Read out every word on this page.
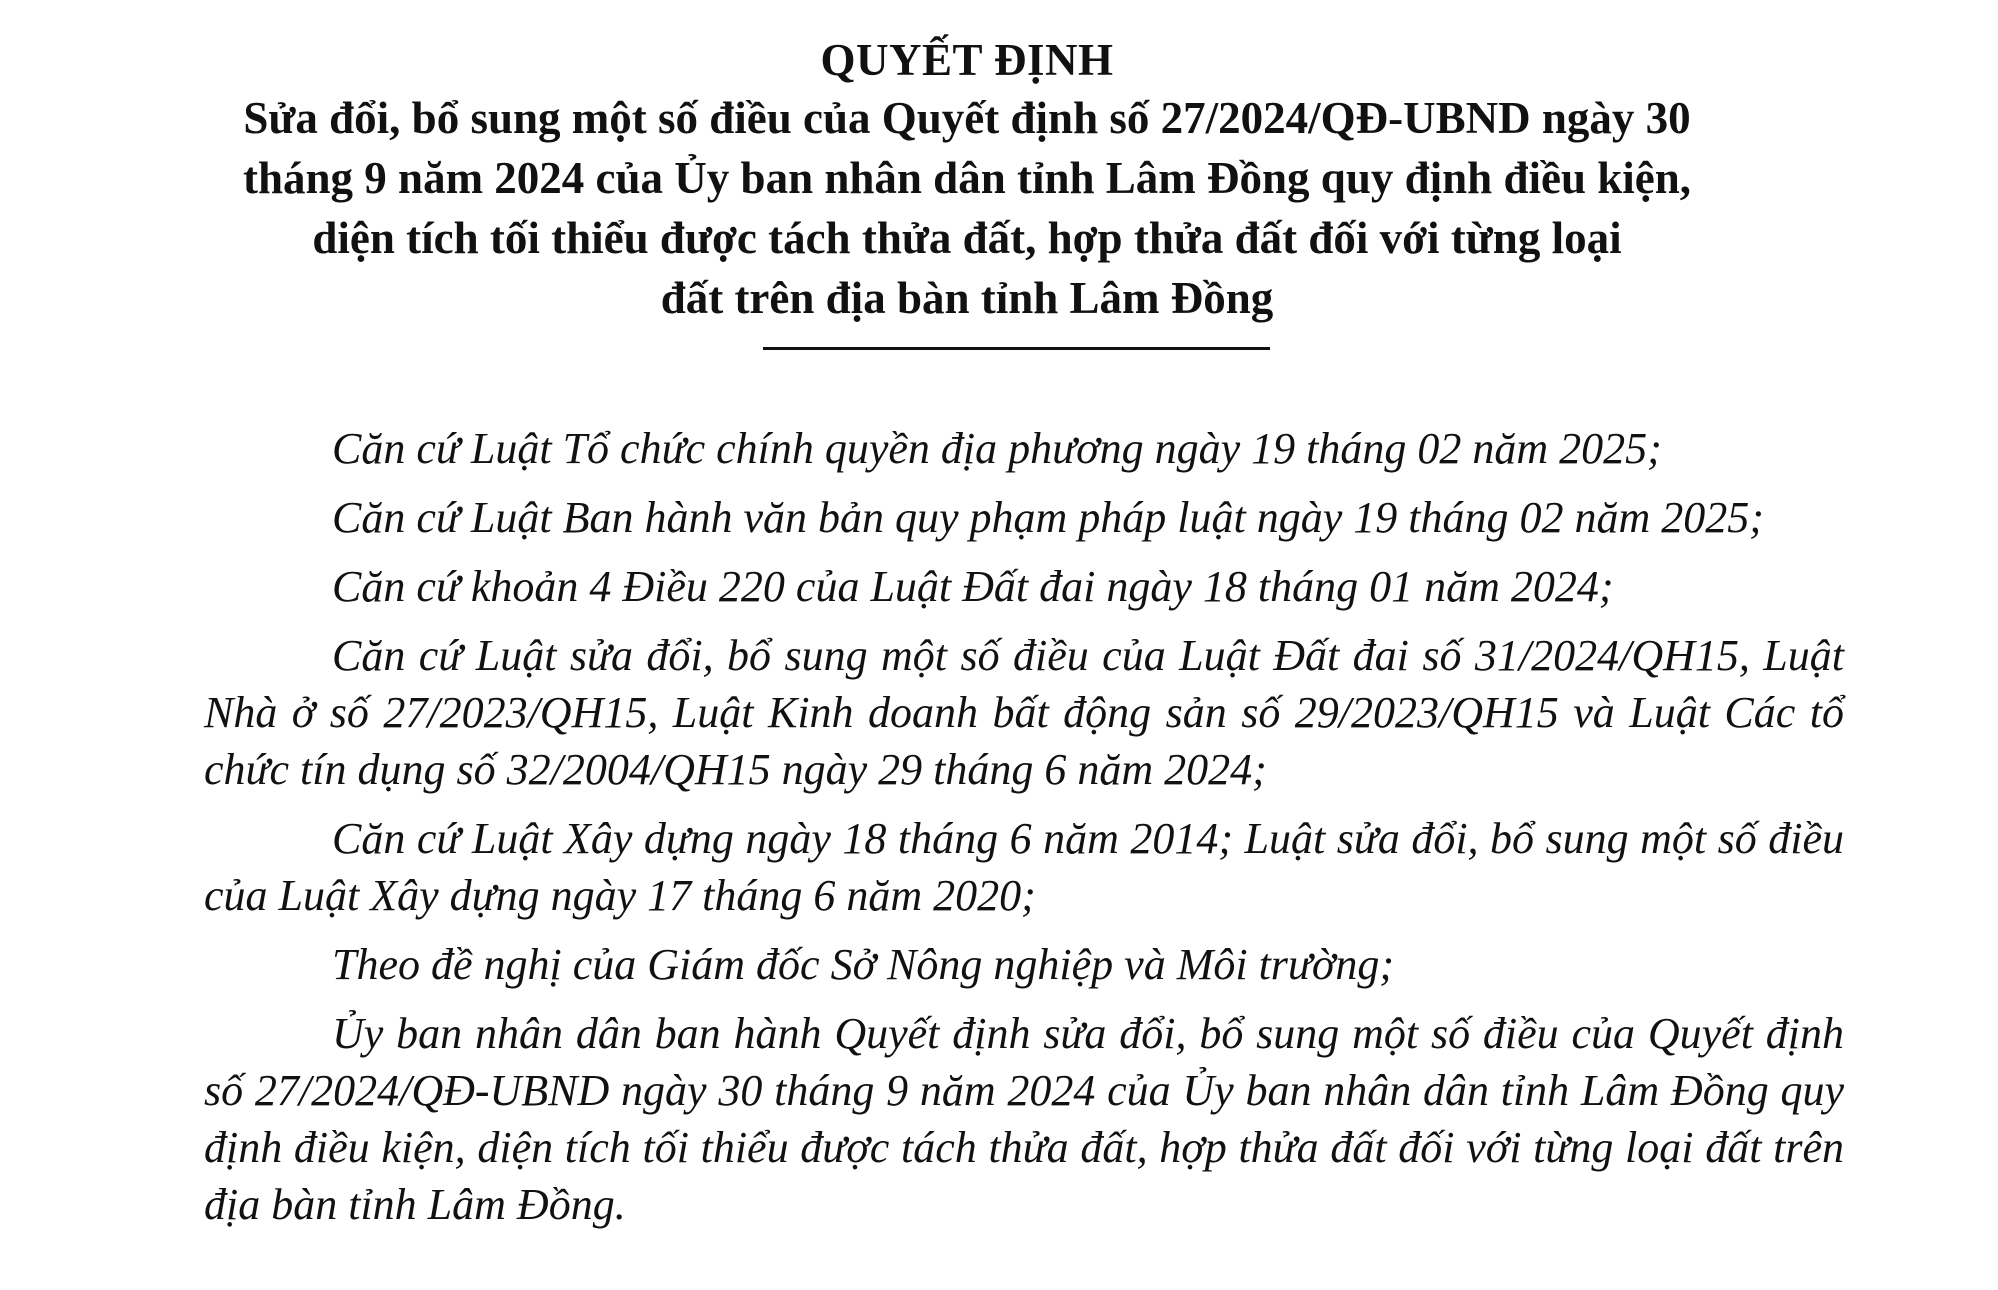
QUYẾT ĐỊNH

Sửa đổi, bổ sung một số điều của Quyết định số 27/2024/QĐ-UBND ngày 30

tháng 9 năm 2024 của Ủy ban nhân dân tỉnh Lâm Đồng quy định điều kiện,

diện tích tối thiểu được tách thửa đất, hợp thửa đất đối với từng loại

đất trên địa bàn tỉnh Lâm Đồng

Căn cứ Luật Tổ chức chính quyền địa phương ngày 19 tháng 02 năm 2025;

Căn cứ Luật Ban hành văn bản quy phạm pháp luật ngày 19 tháng 02 năm 2025;

Căn cứ khoản 4 Điều 220 của Luật Đất đai ngày 18 tháng 01 năm 2024;

Căn cứ Luật sửa đổi, bổ sung một số điều của Luật Đất đai số 31/2024/QH15, Luật Nhà ở số 27/2023/QH15, Luật Kinh doanh bất động sản số 29/2023/QH15 và Luật Các tổ chức tín dụng số 32/2004/QH15 ngày 29 tháng 6 năm 2024;

Căn cứ Luật Xây dựng ngày 18 tháng 6 năm 2014; Luật sửa đổi, bổ sung một số điều của Luật Xây dựng ngày 17 tháng 6 năm 2020;

Theo đề nghị của Giám đốc Sở Nông nghiệp và Môi trường;

Ủy ban nhân dân ban hành Quyết định sửa đổi, bổ sung một số điều của Quyết định số 27/2024/QĐ-UBND ngày 30 tháng 9 năm 2024 của Ủy ban nhân dân tỉnh Lâm Đồng quy định điều kiện, diện tích tối thiểu được tách thửa đất, hợp thửa đất đối với từng loại đất trên địa bàn tỉnh Lâm Đồng.
